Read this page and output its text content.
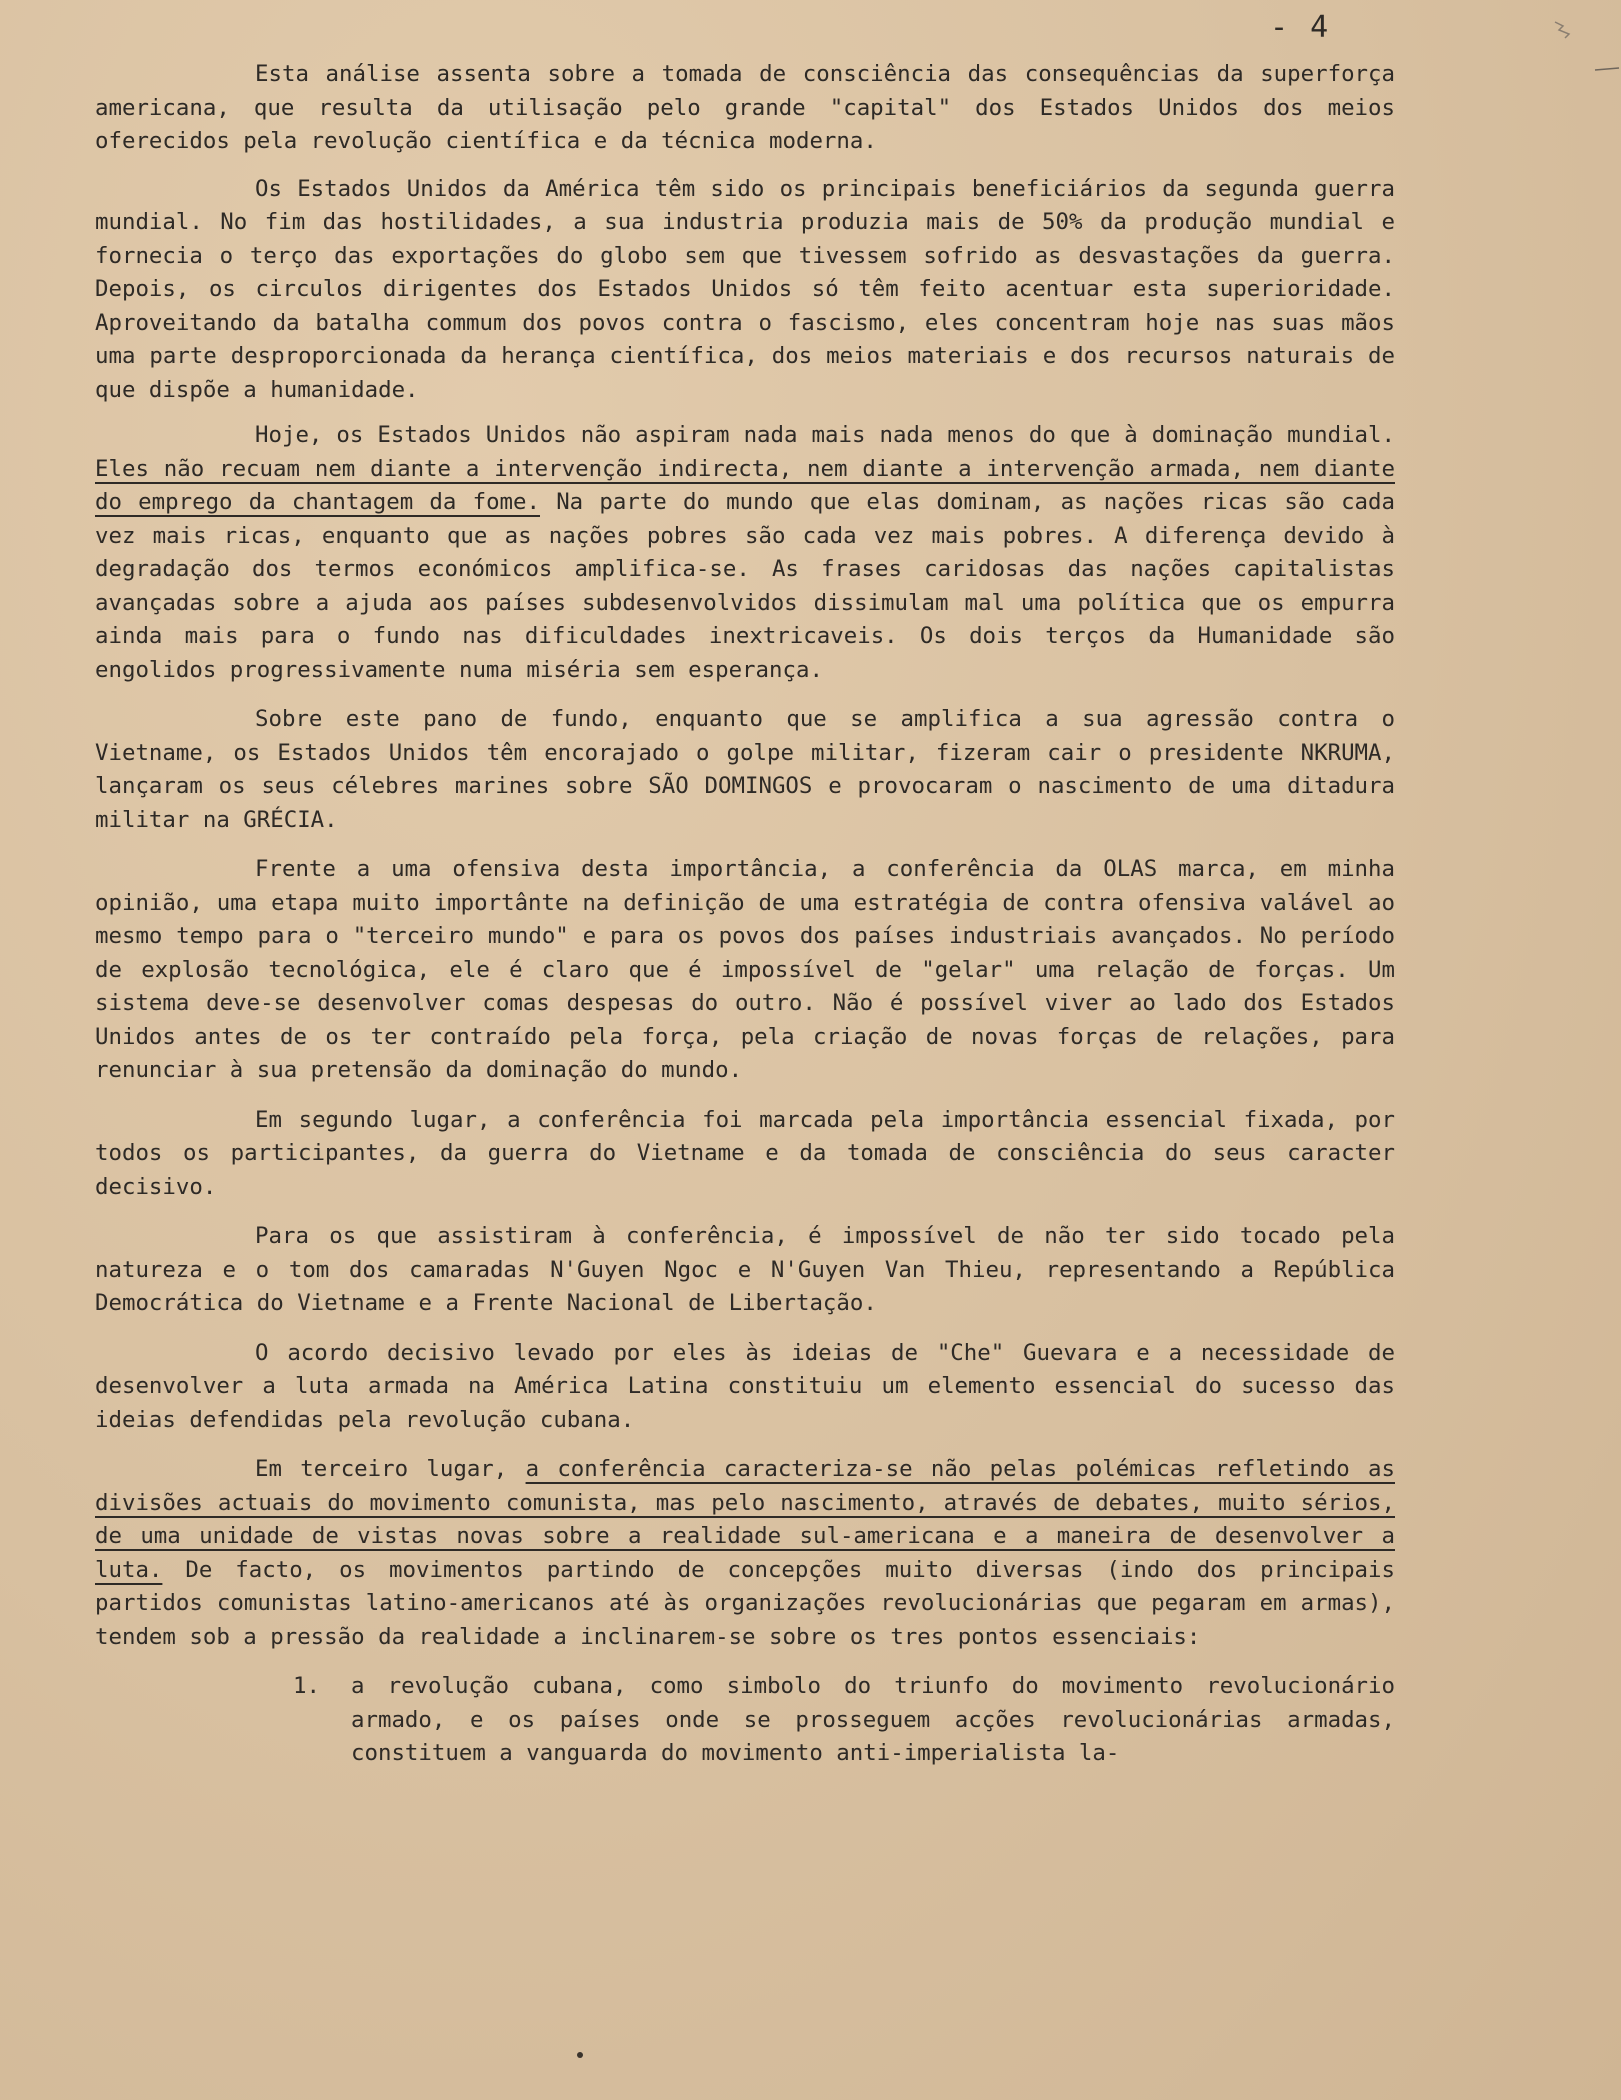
- 4

Esta análise assenta sobre a tomada de consciência das consequências da superforça americana, que resulta da utilisação pelo grande "capital" dos Estados Unidos dos meios oferecidos pela revolução científica e da técnica moderna.

Os Estados Unidos da América têm sido os principais beneficiários da segunda guerra mundial. No fim das hostilidades, a sua industria produzia mais de 50% da produção mundial e fornecia o terço das exportações do globo sem que tivessem sofrido as desvastações da guerra. Depois, os circulos dirigentes dos Estados Unidos só têm feito acentuar esta superioridade. Aproveitando da batalha commum dos povos contra o fascismo, eles concentram hoje nas suas mãos uma parte desproporcionada da herança científica, dos meios materiais e dos recursos naturais de que dispõe a humanidade.

Hoje, os Estados Unidos não aspiram nada mais nada menos do que à dominação mundial. Eles não recuam nem diante a intervenção indirecta, nem diante a intervenção armada, nem diante do emprego da chantagem da fome. Na parte do mundo que elas dominam, as nações ricas são cada vez mais ricas, enquanto que as nações pobres são cada vez mais pobres. A diferença devido à degradação dos termos económicos amplifica-se. As frases caridosas das nações capitalistas avançadas sobre a ajuda aos países subdesenvolvidos dissimulam mal uma política que os empurra ainda mais para o fundo nas dificuldades inextricaveis. Os dois terços da Humanidade são engolidos progressivamente numa miséria sem esperança.

Sobre este pano de fundo, enquanto que se amplifica a sua agressão contra o Vietname, os Estados Unidos têm encorajado o golpe militar, fizeram cair o presidente NKRUMA, lançaram os seus célebres marines sobre SÃO DOMINGOS e provocaram o nascimento de uma ditadura militar na GRÉCIA.

Frente a uma ofensiva desta importância, a conferência da OLAS marca, em minha opinião, uma etapa muito importânte na definição de uma estratégia de contra ofensiva valável ao mesmo tempo para o "terceiro mundo" e para os povos dos países industriais avançados. No período de explosão tecnológica, ele é claro que é impossível de "gelar" uma relação de forças. Um sistema deve-se desenvolver comas despesas do outro. Não é possível viver ao lado dos Estados Unidos antes de os ter contraído pela força, pela criação de novas forças de relações, para renunciar à sua pretensão da dominação do mundo.

Em segundo lugar, a conferência foi marcada pela importância essencial fixada, por todos os participantes, da guerra do Vietname e da tomada de consciência do seus caracter decisivo.

Para os que assistiram à conferência, é impossível de não ter sido tocado pela natureza e o tom dos camaradas N'Guyen Ngoc e N'Guyen Van Thieu, representando a República Democrática do Vietname e a Frente Nacional de Libertação.

O acordo decisivo levado por eles às ideias de "Che" Guevara e a necessidade de desenvolver a luta armada na América Latina constituiu um elemento essencial do sucesso das ideias defendidas pela revolução cubana.

Em terceiro lugar, a conferência caracteriza-se não pelas polémicas refletindo as divisões actuais do movimento comunista, mas pelo nascimento, através de debates, muito sérios, de uma unidade de vistas novas sobre a realidade sul-americana e a maneira de desenvolver a luta. De facto, os movimentos partindo de concepções muito diversas (indo dos principais partidos comunistas latino-americanos até às organizações revolucionárias que pegaram em armas), tendem sob a pressão da realidade a inclinarem-se sobre os tres pontos essenciais:

1.	a revolução cubana, como simbolo do triunfo do movimento revolucionário armado, e os países onde se prosseguem acções revolucionárias armadas, constituem a vanguarda do movimento anti-imperialista la-
